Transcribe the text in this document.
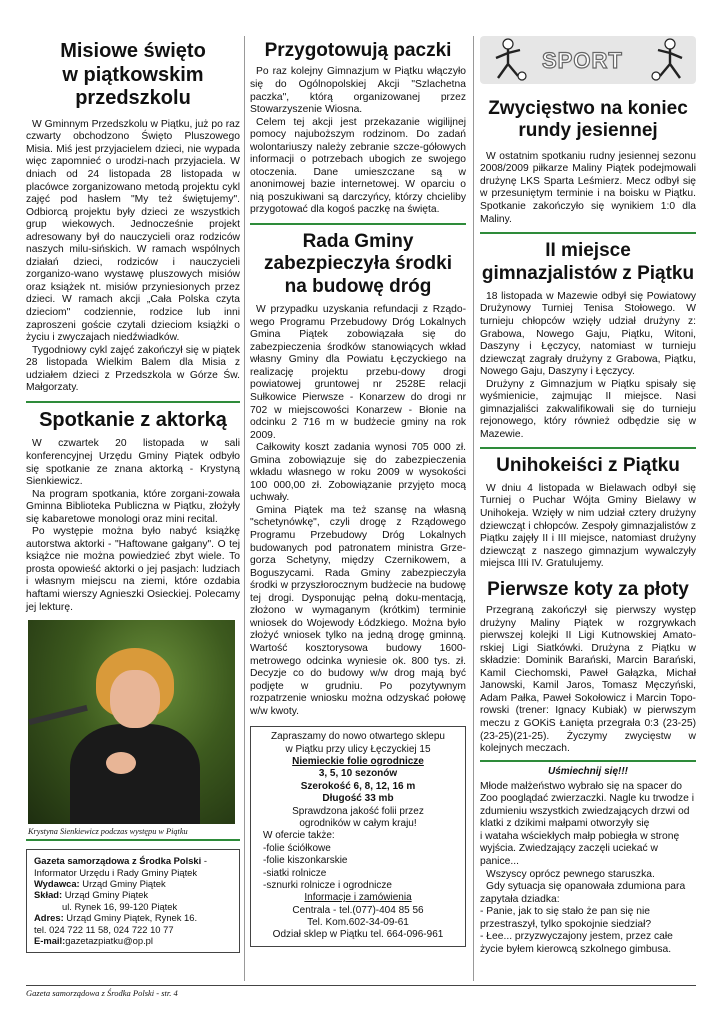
Misiowe święto
w piątkowskim
przedszkolu

W Gminnym Przedszkolu w Piątku, już po raz czwarty obchodzono Święto Pluszowego Misia. Miś jest przyjacielem dzieci, nie wypada więc zapomnieć o urodzi-nach przyjaciela. W dniach od 24 listopada 28 listopada w placówce zorganizowano metodą projektu cykl zajęć pod hasłem "My też świętujemy". Odbiorcą projektu były dzieci ze wszystkich grup wiekowych. Jednocześnie projekt adresowany był do nauczycieli oraz rodziców naszych milu-sińskich. W ramach wspólnych działań dzieci, rodziców i nauczycieli zorganizo-wano wystawę pluszowych misiów oraz książek nt. misiów przyniesionych przez dzieci. W ramach akcji „Cała Polska czyta dzieciom" codziennie, rodzice lub inni zaproszeni goście czytali dzieciom książki o życiu i zwyczajach niedźwiadków.

Tygodniowy cykl zajęć zakończył się w piątek 28 listopada Wielkim Balem dla Misia z udziałem dzieci z Przedszkola w Górze Św. Małgorzaty.

Spotkanie z aktorką

W czwartek 20 listopada w sali konferencyjnej Urzędu Gminy Piątek odbyło się spotkanie ze znana aktorką - Krystyną Sienkiewicz.

Na program spotkania, które zorgani-zowała Gminna Biblioteka Publiczna w Piątku, złożyły się kabaretowe monologi oraz mini recital.

Po występie można było nabyć książkę autorstwa aktorki - "Haftowane gałgany". O tej książce nie można powiedzieć zbyt wiele. To prosta opowieść aktorki o jej pasjach: ludziach i własnym miejscu na ziemi, które ozdabia haftami wierszy Agnieszki Osieckiej. Polecamy jej lekturę.

Krystyna Sienkiewicz podczas występu w Piątku
Gazeta samorządowa z Środka Polski - Informator Urzędu i Rady Gminy Piątek
Wydawca: Urząd Gminy Piątek
Skład: Urząd Gminy Piątek
ul. Rynek 16, 99-120 Piątek
Adres: Urząd Gminy Piątek, Rynek 16.
tel. 024 722 11 58, 024 722 10 77
E-mail:gazetazpiatku@op.pl
Przygotowują paczki

Po raz kolejny Gimnazjum w Piątku włączyło się do Ogólnopolskiej Akcji "Szlachetna paczka", którą organizowanej przez Stowarzyszenie Wiosna.

Celem tej akcji jest przekazanie wigilijnej pomocy najuboższym rodzinom. Do zadań wolontariuszy należy zebranie szcze-gółowych informacji o potrzebach ubogich ze swojego otoczenia. Dane umieszczane są w anonimowej bazie internetowej. W oparciu o nią poszukiwani są darczyńcy, którzy chcieliby przygotować dla kogoś paczkę na święta.

Rada Gminy
zabezpieczyła środki
na budowę dróg

W przypadku uzyskania refundacji z Rządo-wego Programu Przebudowy Dróg Lokalnych Gmina Piątek zobowiązała się do zabezpieczenia środków stanowiących wkład własny Gminy dla Powiatu Łęczyckiego na realizację projektu przebu-dowy drogi powiatowej gruntowej nr 2528E relacji Sułkowice Pierwsze - Konarzew do drogi nr 702 w miejscowości Konarzew - Błonie na odcinku 2 716 m w budżecie gminy na rok 2009.

Całkowity koszt zadania wynosi 705 000 zł. Gmina zobowiązuje się do zabezpieczenia wkładu własnego w roku 2009 w wysokości 100 000,00 zł. Zobowiązanie przyjęto mocą uchwały.

Gmina Piątek ma też szansę na własną "schetynówkę", czyli drogę z Rządowego Programu Przebudowy Dróg Lokalnych budowanych pod patronatem ministra Grze-gorza Schetyny, między Czernikowem, a Boguszycami. Rada Gminy zabezpieczyła środki w przyszłorocznym budżecie na budowę tej drogi. Dysponując pełną doku-mentacją, złożono w wymaganym (krótkim) terminie wniosek do Wojewody Łódzkiego. Można było złożyć wniosek tylko na jedną drogę gminną. Wartość kosztorysowa budowy 1600-metrowego odcinka wyniesie ok. 800 tys. zł. Decyzje co do budowy w/w drog mają być podjęte w grudniu. Po pozytywnym rozpatrzenie wniosku można odzyskać połowę w/w kwoty.

Zapraszamy do nowo otwartego sklepu
w Piątku przy ulicy Łęczyckiej 15
Niemieckie folie ogrodnicze
3, 5, 10 sezonów
Szerokość 6, 8, 12, 16 m
Długość 33 mb
Sprawdzona jakość folii przez
ogrodników w całym kraju!
W ofercie także:
-folie ściółkowe
-folie kiszonkarskie
-siatki rolnicze
-sznurki rolnicze i ogrodnicze
Informacje i zamówienia
Centrala - tel.(077)-404 85 56
Tel. Kom.602-34-09-61
Odział sklep w Piątku tel. 664-096-961
SPORT
Zwycięstwo na koniec
rundy jesiennej

W ostatnim spotkaniu rudny jesiennej sezonu 2008/2009 piłkarze Maliny Piątek podejmowali drużynę LKS Sparta Leśmierz. Mecz odbył się w przesuniętym terminie i na boisku w Piątku. Spotkanie zakończyło się wynikiem 1:0 dla Maliny.

II miejsce
gimnazjalistów z Piątku

18 listopada w Mazewie odbył się Powiatowy Drużynowy Turniej Tenisa Stołowego. W turnieju chłopców wzięły udział drużyny z: Grabowa, Nowego Gaju, Piątku, Witoni, Daszyny i Łęczycy, natomiast w turnieju dziewcząt zagrały drużyny z Grabowa, Piątku, Nowego Gaju, Daszyny i Łęczycy.

Drużyny z Gimnazjum w Piątku spisały się wyśmienicie, zajmując II miejsce. Nasi gimnazjaliści zakwalifikowali się do turnieju rejonowego, który również odbędzie się w Mazewie.

Unihokeiści z Piątku

W dniu 4 listopada w Bielawach odbył się Turniej o Puchar Wójta Gminy Bielawy w Unihokeja. Wzięły w nim udział cztery drużyny dziewcząt i chłopców. Zespoły gimnazjalistów z Piątku zajęły II i III miejsce, natomiast drużyny dziewcząt z naszego gimnazjum wywalczyły miejsca IIIi IV. Gratulujemy.

Pierwsze koty za płoty

Przegraną zakończył się pierwszy występ drużyny Maliny Piątek w rozgrywkach pierwszej kolejki II Ligi Kutnowskiej Amato-rskiej Ligi Siatkówki. Drużyna z Piątku w składzie: Dominik Barański, Marcin Barański, Kamil Ciechomski, Paweł Gałązka, Michał Janowski, Kamil Jaros, Tomasz Męczyński, Adam Pałka, Paweł Sokołowicz i Marcin Topo-rowski (trener: Ignacy Kubiak) w pierwszym meczu z GOKiS Łanięta przegrała 0:3 (23-25)(23-25)(21-25). Życzymy zwycięstw w kolejnych meczach.

Uśmiechnij się!!!

Młode małżeństwo wybrało się na spacer do Zoo pooglądać zwierzaczki. Nagle ku trwodze i zdumieniu wszystkich zwiedzających drzwi od klatki z dzikimi małpami otworzyły się

i wataha wściekłych małp pobiegła w stronę wyjścia. Zwiedzający zaczęli uciekać w panice...

Wszyscy oprócz pewnego staruszka.

Gdy sytuacja się opanowała zdumiona para zapytała dziadka:

- Panie, jak to się stało że pan się nie przestraszył, tylko spokojnie siedział?

- Łee... przyzwyczajony jestem, przez całe życie byłem kierowcą szkolnego gimbusa.

Gazeta samorządowa z Środka Polski - str. 4
